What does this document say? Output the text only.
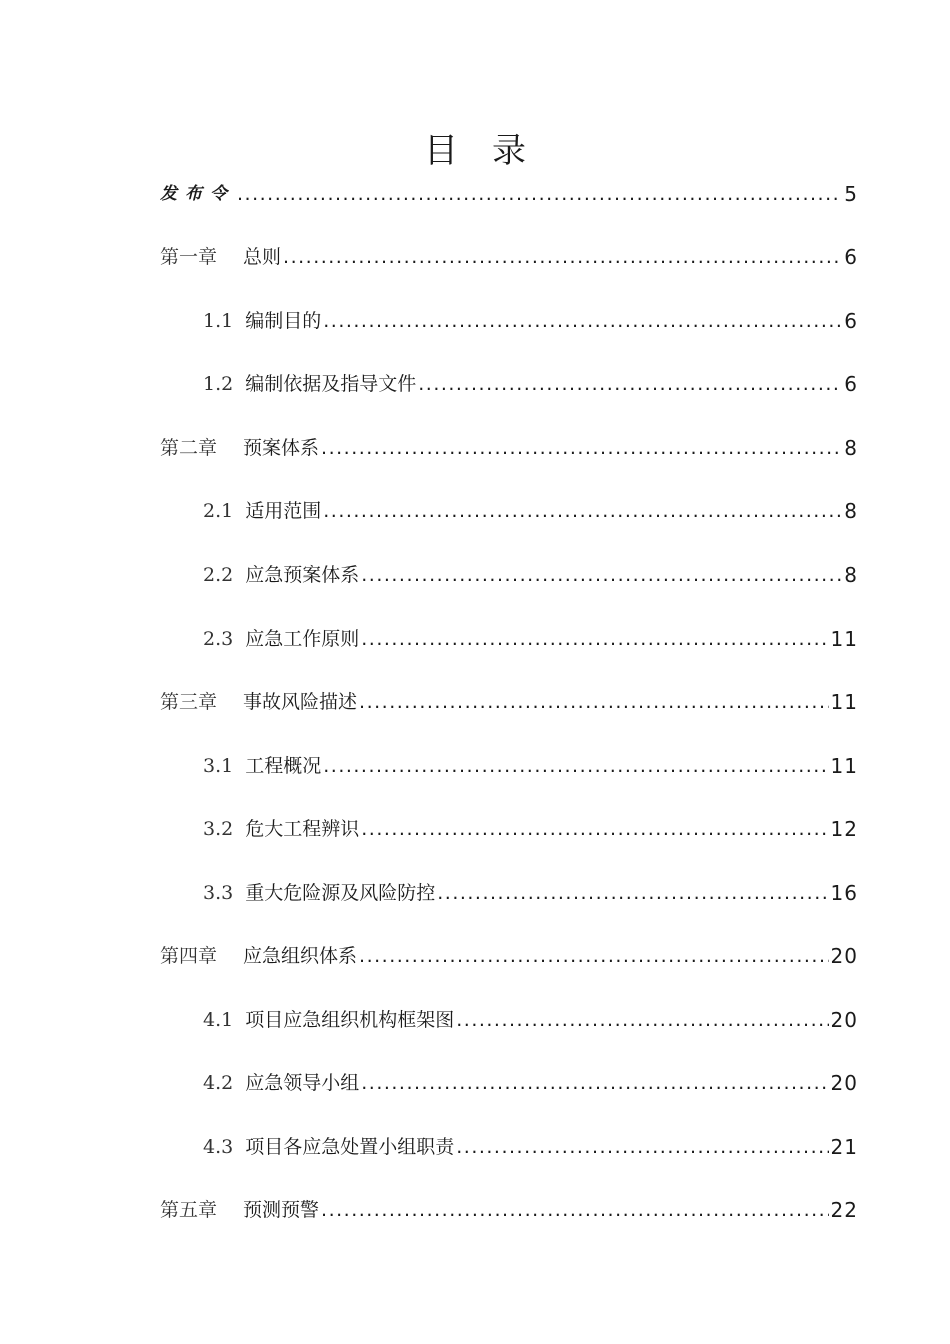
目 录
发布令 .....	5
第一章 总则 .....	6
1.1 编制目的 .....	6
1.2 编制依据及指导文件 .....	6
第二章 预案体系 .....	8
2.1 适用范围 .....	8
2.2 应急预案体系 .....	8
2.3 应急工作原则 .....	11
第三章 事故风险描述 .....	11
3.1 工程概况 .....	11
3.2 危大工程辨识 .....	12
3.3 重大危险源及风险防控 .....	16
第四章 应急组织体系 .....	20
4.1 项目应急组织机构框架图 .....	20
4.2 应急领导小组 .....	20
4.3 项目各应急处置小组职责 .....	21
第五章 预测预警 .....	22
